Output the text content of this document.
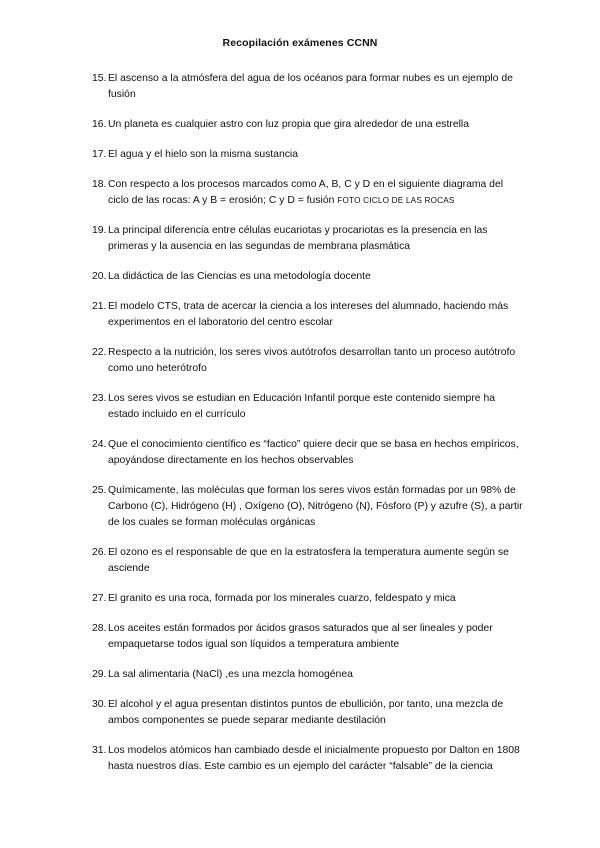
Recopilación exámenes CCNN
15. El ascenso a la atmósfera del agua de los océanos para formar nubes es un ejemplo de fusión
16. Un planeta es cualquier astro con luz propia que gira alrededor de una estrella
17. El agua y el hielo son la misma sustancia
18. Con respecto a los procesos marcados como A, B, C y D en el siguiente diagrama del ciclo de las rocas: A y B = erosión; C y D = fusión FOTO CICLO DE LAS ROCAS
19. La principal diferencia entre células eucariotas y procariotas es la presencia en las primeras y la ausencia en las segundas de membrana plasmática
20. La didáctica de las Ciencias es una metodología docente
21. El modelo CTS, trata de acercar la ciencia a los intereses del alumnado, haciendo más experimentos en el laboratorio del centro escolar
22. Respecto a la nutrición, los seres vivos autótrofos desarrollan tanto un proceso autótrofo como uno heterótrofo
23. Los seres vivos se estudian en Educación Infantil porque este contenido siempre ha estado incluido en el currículo
24. Que el conocimiento científico es “factico” quiere decir que se basa en hechos empíricos, apoyándose directamente en los hechos observables
25. Químicamente, las moléculas que forman los seres vivos están formadas por un 98% de Carbono (C), Hidrógeno (H) , Oxígeno (O), Nitrógeno (N), Fósforo (P) y azufre (S), a partir de los cuales se forman moléculas orgánicas
26. El ozono es el responsable de que en la estratosfera la temperatura aumente según se asciende
27. El granito es una roca, formada por los minerales cuarzo, feldespato y mica
28. Los aceites están formados por ácidos grasos saturados que al ser lineales y poder empaquetarse todos igual son líquidos a temperatura ambiente
29. La sal alimentaria (NaCl) ,es una mezcla homogénea
30. El alcohol y el agua presentan distintos puntos de ebullición, por tanto, una mezcla de ambos componentes se puede separar mediante destilación
31. Los modelos atómicos han cambiado desde el inicialmente propuesto por Dalton en 1808 hasta nuestros días. Este cambio es un ejemplo del carácter “falsable” de la ciencia
